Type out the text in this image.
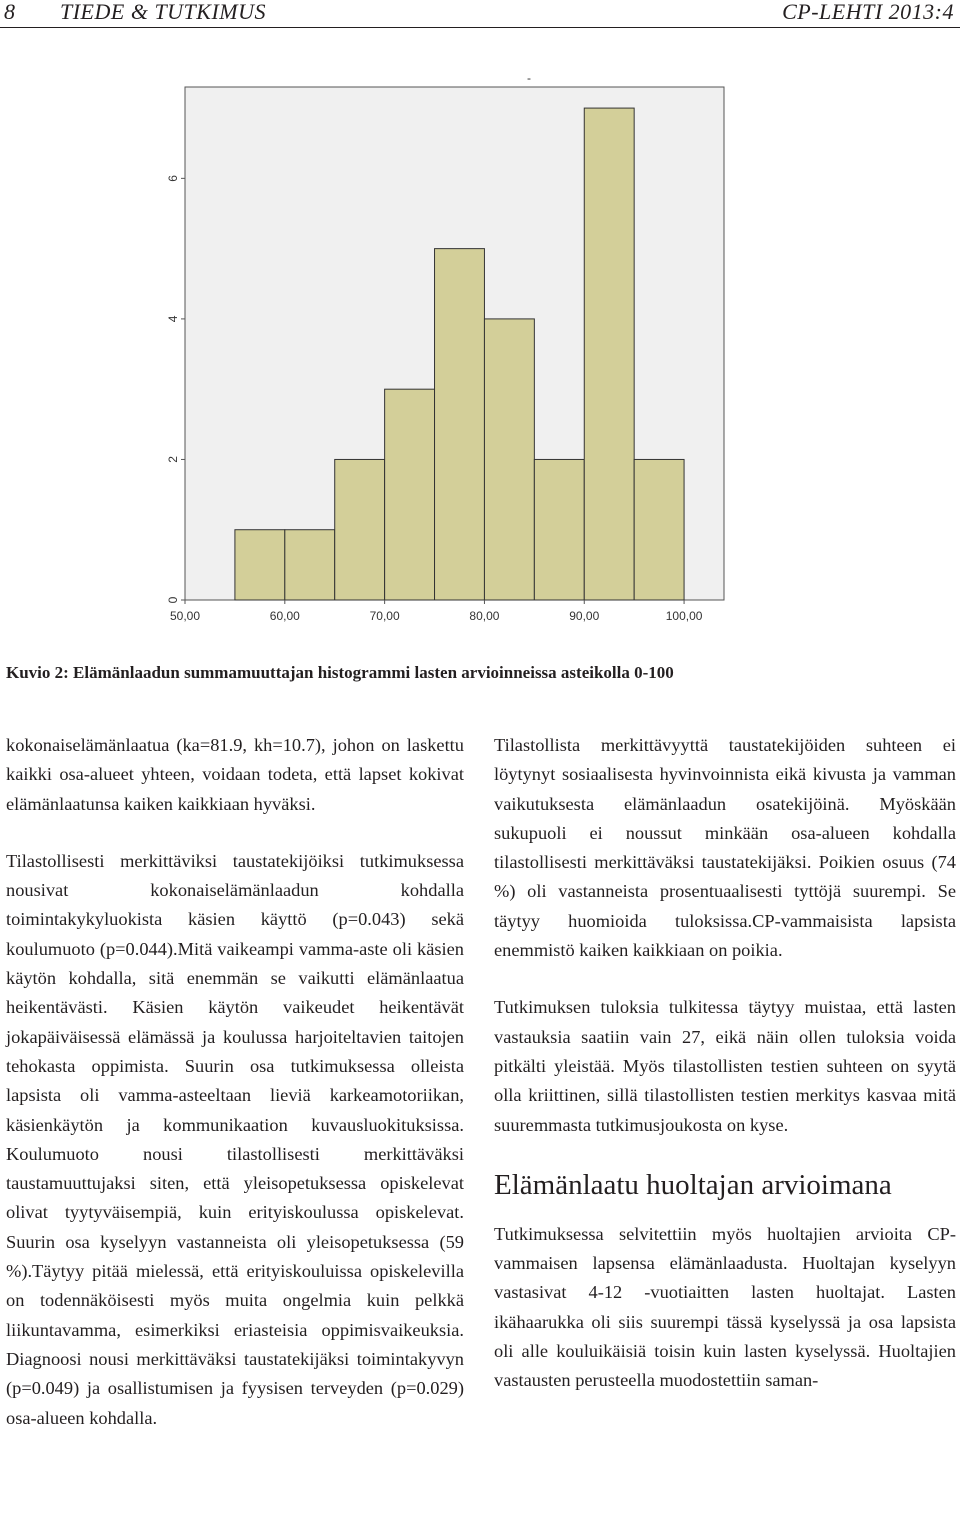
8 TIEDE & TUTKIMUS	CP-LEHTI 2013:4
-
0
2
4
6
50,00	60,00	70,00	80,00	90,00	100,00
Kuvio 2: Elämänlaadun summamuuttajan histogrammi lasten arvioinneissa asteikolla 0-100

kokonaiselämänlaatua (ka=81.9, kh=10.7), johon on laskettu kaikki osa-alueet yhteen, voidaan todeta, että lapset kokivat elämänlaatunsa kaiken kaikkiaan hyväksi.

Tilastollisesti merkittäviksi taustatekijöiksi tutkimuksessa nousivat kokonaiselämänlaadun kohdalla toimintakykyluokista käsien käyttö (p=0.043) sekä koulumuoto (p=0.044).Mitä vaikeampi vamma-aste oli käsien käytön kohdalla, sitä enemmän se vaikutti elämänlaatua heikentävästi. Käsien käytön vaikeudet heikentävät jokapäiväisessä elämässä ja koulussa harjoiteltavien taitojen tehokasta oppimista. Suurin osa tutkimuksessa olleista lapsista oli vamma-asteeltaan lieviä karkeamotoriikan, käsienkäytön ja kommunikaation kuvausluokituksissa. Koulumuoto nousi tilastollisesti merkittäväksi taustamuuttujaksi siten, että yleisopetuksessa opiskelevat olivat tyytyväisempiä, kuin erityiskoulussa opiskelevat. Suurin osa kyselyyn vastanneista oli yleisopetuksessa (59 %).Täytyy pitää mielessä, että erityiskouluissa opiskelevilla on todennäköisesti myös muita ongelmia kuin pelkkä liikuntavamma, esimerkiksi eriasteisia oppimisvaikeuksia. Diagnoosi nousi merkittäväksi taustatekijäksi toimintakyvyn (p=0.049) ja osallistumisen ja fyysisen terveyden (p=0.029) osa-alueen kohdalla.

Tilastollista merkittävyyttä taustatekijöiden suhteen ei löytynyt sosiaalisesta hyvinvoinnista eikä kivusta ja vamman vaikutuksesta elämänlaadun osatekijöinä. Myöskään sukupuoli ei noussut minkään osa-alueen kohdalla tilastollisesti merkittäväksi taustatekijäksi. Poikien osuus (74 %) oli vastanneista prosentuaalisesti tyttöjä suurempi. Se täytyy huomioida tuloksissa.CP-vammaisista lapsista enemmistö kaiken kaikkiaan on poikia.

Tutkimuksen tuloksia tulkitessa täytyy muistaa, että lasten vastauksia saatiin vain 27, eikä näin ollen tuloksia voida pitkälti yleistää. Myös tilastollisten testien suhteen on syytä olla kriittinen, sillä tilastollisten testien merkitys kasvaa mitä suuremmasta tutkimusjoukosta on kyse.

Elämänlaatu huoltajan arvioimana

Tutkimuksessa selvitettiin myös huoltajien arvioita CP-vammaisen lapsensa elämänlaadusta. Huoltajan kyselyyn vastasivat 4-12 -vuotiaitten lasten huoltajat. Lasten ikähaarukka oli siis suurempi tässä kyselyssä ja osa lapsista oli alle kouluikäisiä toisin kuin lasten kyselyssä. Huoltajien vastausten perusteella muodostettiin saman-
